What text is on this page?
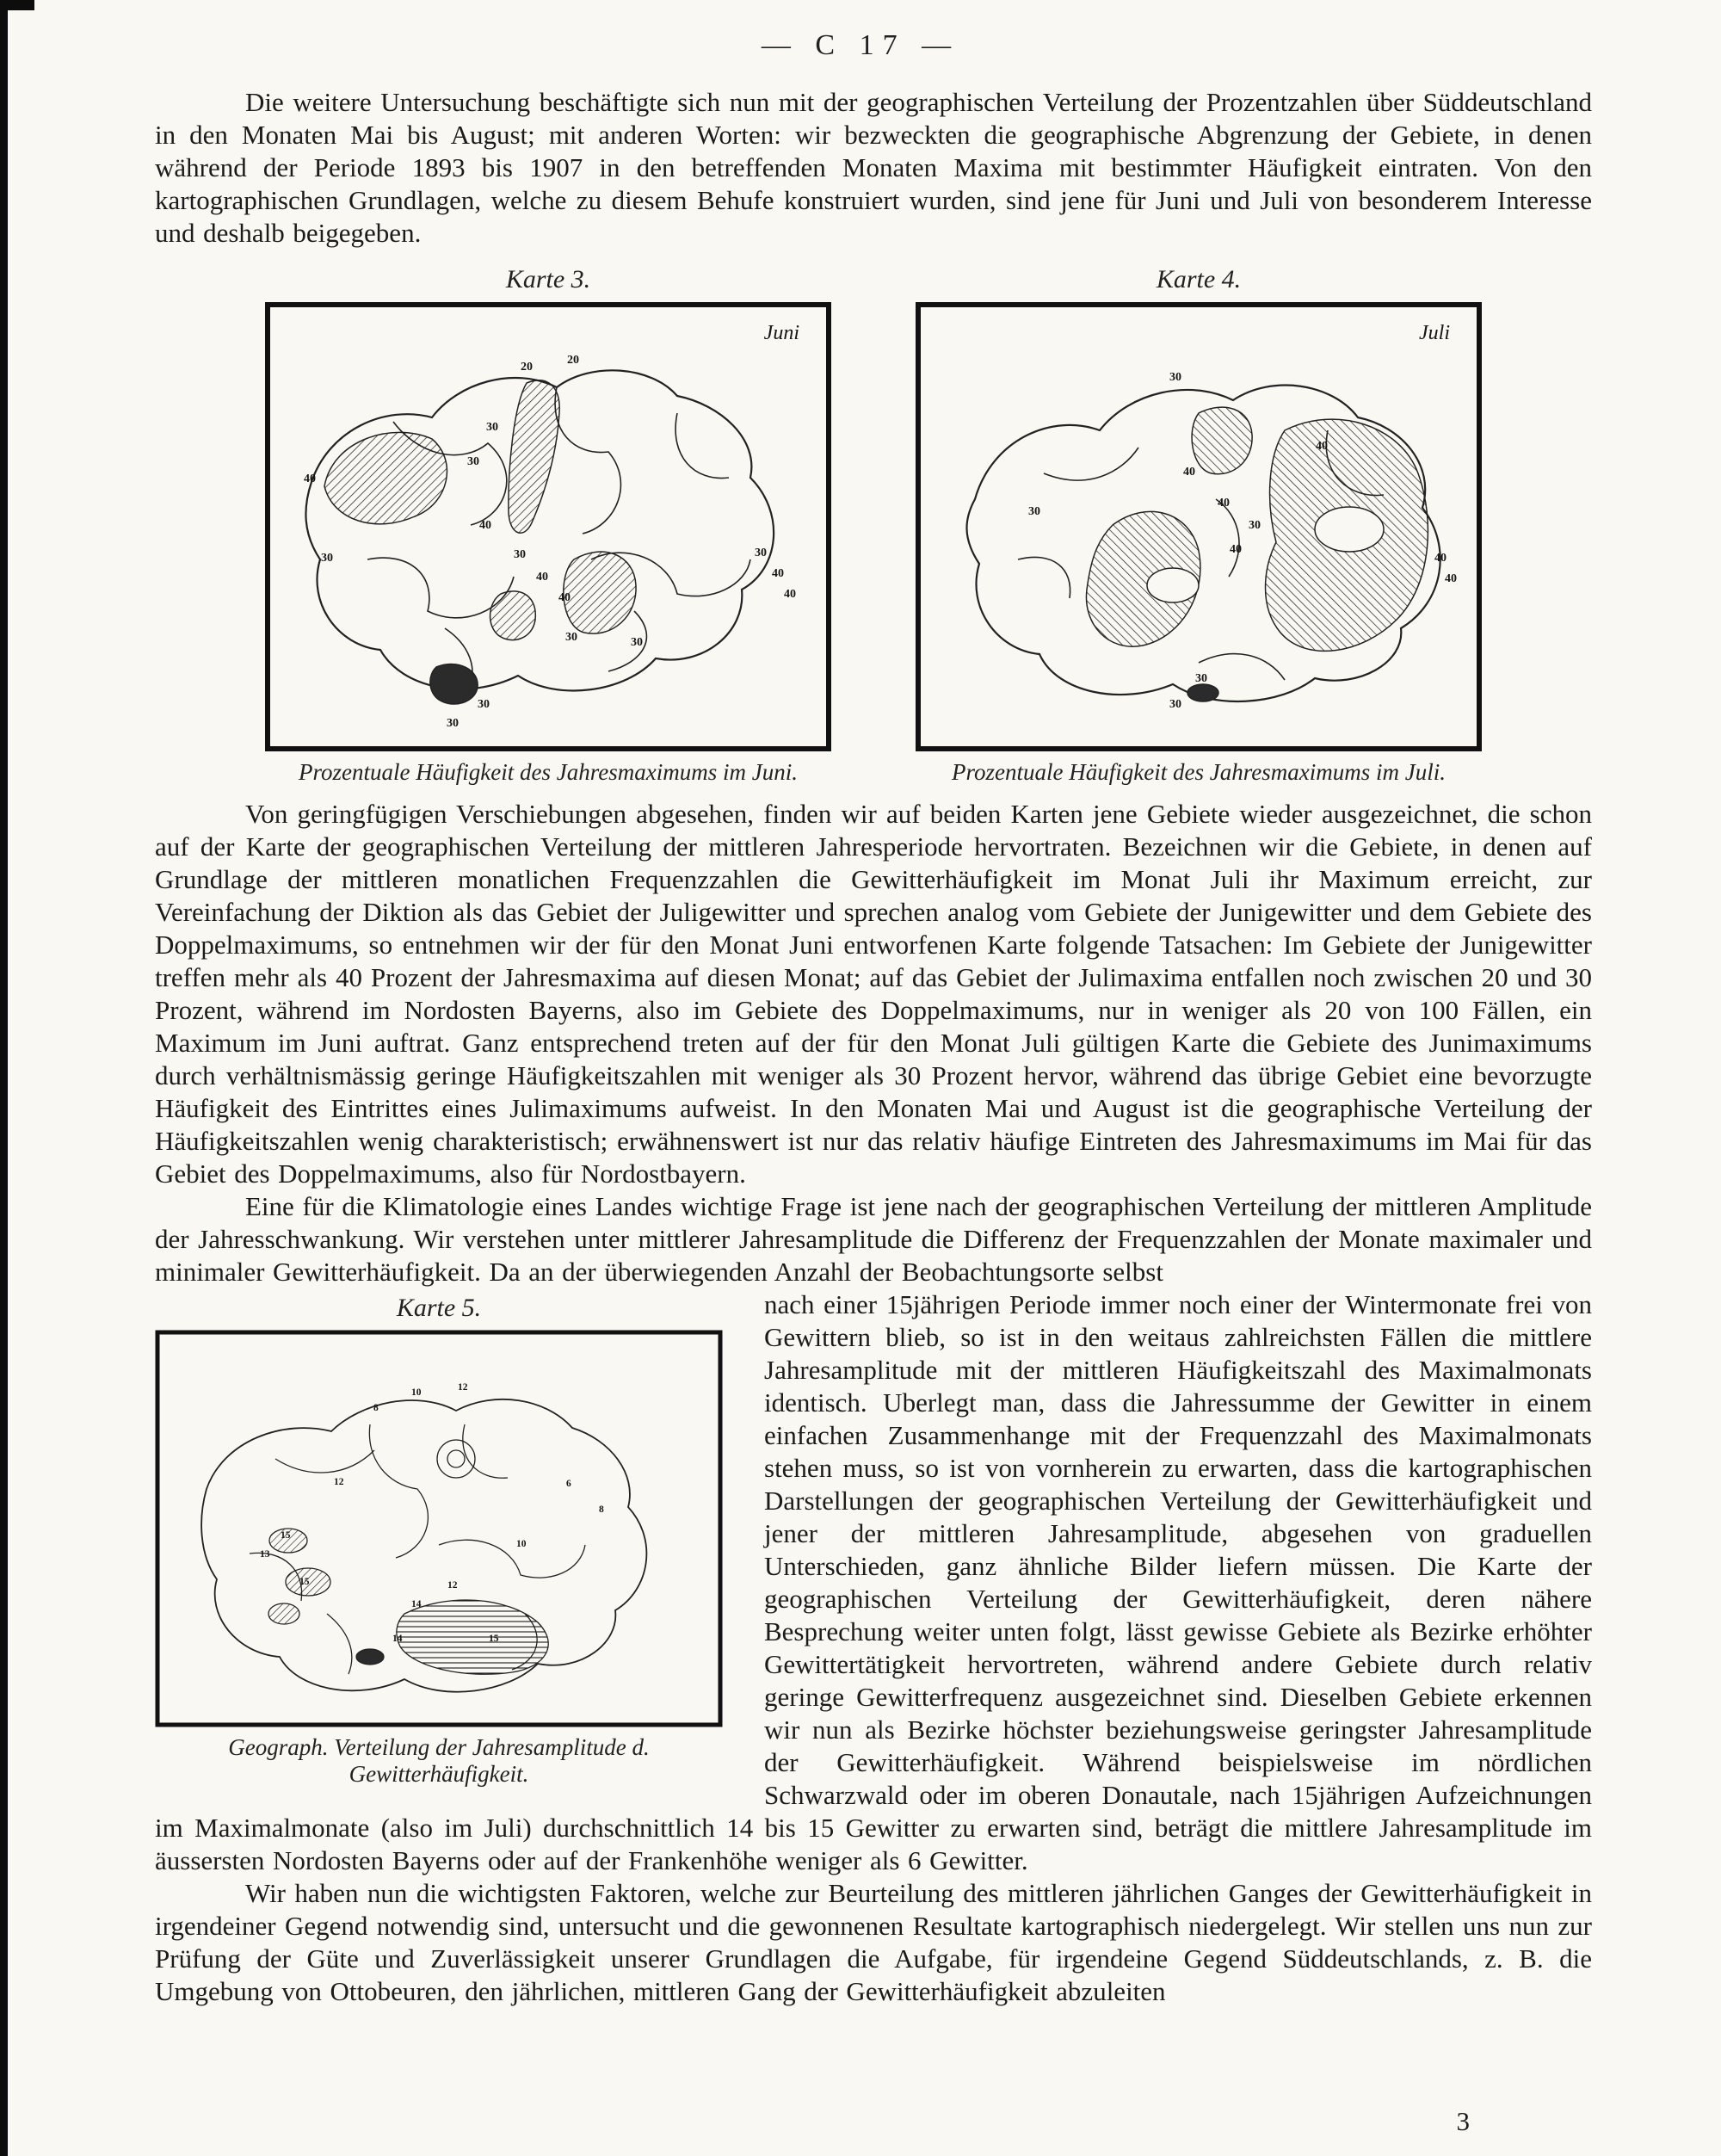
— C 17 —

Die weitere Untersuchung beschäftigte sich nun mit der geographischen Verteilung der Prozentzahlen über Süddeutschland in den Monaten Mai bis August; mit anderen Worten: wir bezweckten die geographische Abgrenzung der Gebiete, in denen während der Periode 1893 bis 1907 in den betreffenden Monaten Maxima mit bestimmter Häufigkeit eintraten. Von den kartographischen Grundlagen, welche zu diesem Behufe konstruiert wurden, sind jene für Juni und Juli von besonderem Interesse und deshalb beigegeben.

Karte 3.
40
20
20
30
30
30
40
30
40
40
30
40
40
30	30
30
30
Juni
Prozentuale Häufigkeit des Jahresmaximums im Juni.
Karte 4.
30
30
40
40
30
40
40
40
40
30
30
Juli
Prozentuale Häufigkeit des Jahresmaximums im Juli.

Von geringfügigen Verschiebungen abgesehen, finden wir auf beiden Karten jene Gebiete wieder ausgezeichnet, die schon auf der Karte der geographischen Verteilung der mittleren Jahresperiode hervortraten. Bezeichnen wir die Gebiete, in denen auf Grundlage der mittleren monatlichen Frequenzzahlen die Gewitterhäufigkeit im Monat Juli ihr Maximum erreicht, zur Vereinfachung der Diktion als das Gebiet der Juligewitter und sprechen analog vom Gebiete der Junigewitter und dem Gebiete des Doppelmaximums, so entnehmen wir der für den Monat Juni entworfenen Karte folgende Tatsachen: Im Gebiete der Junigewitter treffen mehr als 40 Prozent der Jahresmaxima auf diesen Monat; auf das Gebiet der Julimaxima entfallen noch zwischen 20 und 30 Prozent, während im Nordosten Bayerns, also im Gebiete des Doppelmaximums, nur in weniger als 20 von 100 Fällen, ein Maximum im Juni auftrat. Ganz entsprechend treten auf der für den Monat Juli gültigen Karte die Gebiete des Junimaximums durch verhältnismässig geringe Häufigkeitszahlen mit weniger als 30 Prozent hervor, während das übrige Gebiet eine bevorzugte Häufigkeit des Eintrittes eines Julimaximums aufweist. In den Monaten Mai und August ist die geographische Verteilung der Häufigkeitszahlen wenig charakteristisch; erwähnenswert ist nur das relativ häufige Eintreten des Jahresmaximums im Mai für das Gebiet des Doppelmaximums, also für Nordostbayern.

Eine für die Klimatologie eines Landes wichtige Frage ist jene nach der geographischen Verteilung der mittleren Amplitude der Jahresschwankung. Wir verstehen unter mittlerer Jahresamplitude die Differenz der Frequenzzahlen der Monate maximaler und minimaler Gewitterhäufigkeit. Da an der überwiegenden Anzahl der Beobachtungsorte selbst

Karte 5.
10	12
8
12
15
13
15
14
12
15
6
8
10
14
Geograph. Verteilung der Jahresamplitude d. Gewitterhäufigkeit.

nach einer 15jährigen Periode immer noch einer der Wintermonate frei von Gewittern blieb, so ist in den weitaus zahlreichsten Fällen die mittlere Jahresamplitude mit der mittleren Häufigkeitszahl des Maximalmonats identisch. Uberlegt man, dass die Jahressumme der Gewitter in einem einfachen Zusammenhange mit der Frequenzzahl des Maximalmonats stehen muss, so ist von vornherein zu erwarten, dass die kartographischen Darstellungen der geographischen Verteilung der Gewitterhäufigkeit und jener der mittleren Jahresamplitude, abgesehen von graduellen Unterschieden, ganz ähnliche Bilder liefern müssen. Die Karte der geographischen Verteilung der Gewitterhäufigkeit, deren nähere Besprechung weiter unten folgt, lässt gewisse Gebiete als Bezirke erhöhter Gewittertätigkeit hervortreten, während andere Gebiete durch relativ geringe Gewitterfrequenz ausgezeichnet sind. Dieselben Gebiete erkennen wir nun als Bezirke höchster beziehungsweise geringster Jahresamplitude der Gewitterhäufigkeit. Während beispielsweise im nördlichen Schwarzwald oder im oberen Donautale, nach 15jährigen Aufzeichnungen im Maximalmonate (also im Juli) durchschnittlich 14 bis 15 Gewitter zu erwarten sind, beträgt die mittlere Jahresamplitude im äussersten Nordosten Bayerns oder auf der Frankenhöhe weniger als 6 Gewitter.

Wir haben nun die wichtigsten Faktoren, welche zur Beurteilung des mittleren jährlichen Ganges der Gewitterhäufigkeit in irgendeiner Gegend notwendig sind, untersucht und die gewonnenen Resultate kartographisch niedergelegt. Wir stellen uns nun zur Prüfung der Güte und Zuverlässigkeit unserer Grundlagen die Aufgabe, für irgendeine Gegend Süddeutschlands, z. B. die Umgebung von Ottobeuren, den jährlichen, mittleren Gang der Gewitterhäufigkeit abzuleiten

3
